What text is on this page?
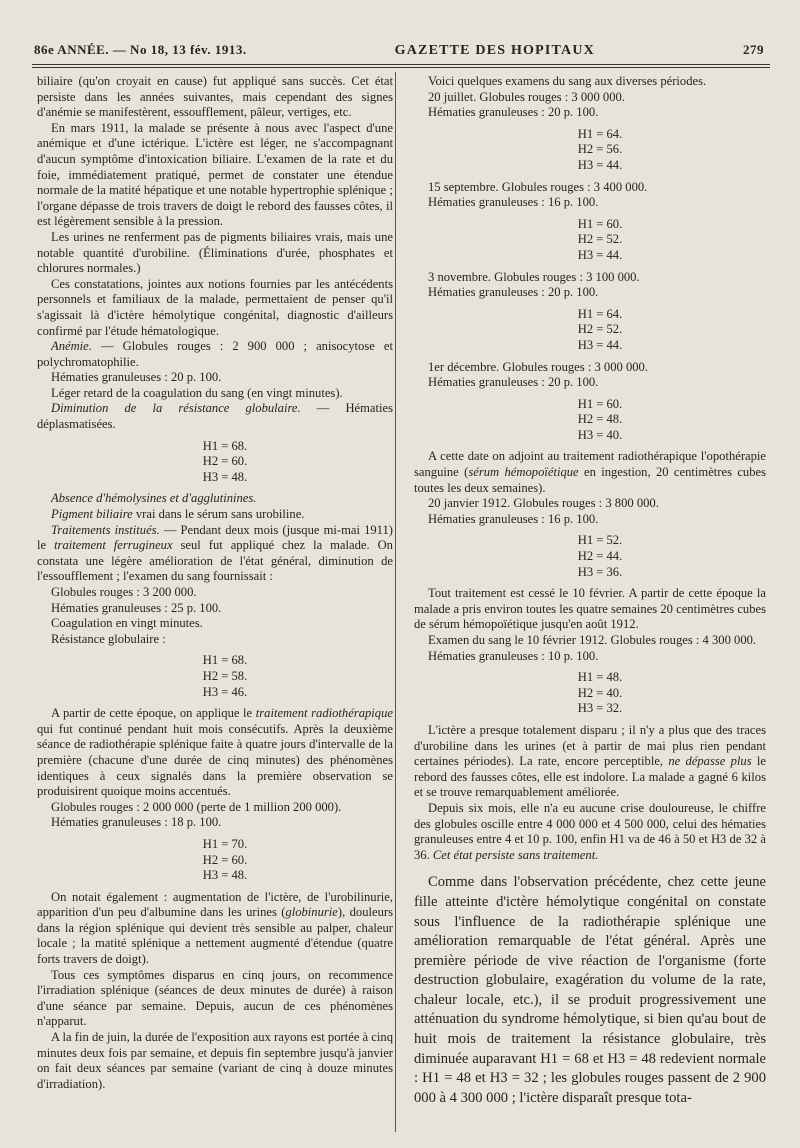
86e ANNÉE. — No 18, 13 fév. 1913.	GAZETTE DES HOPITAUX	279

biliaire (qu'on croyait en cause) fut appliqué sans succès. Cet état persiste dans les années suivantes, mais cependant des signes d'anémie se manifestèrent, essoufflement, pâleur, vertiges, etc.

En mars 1911, la malade se présente à nous avec l'aspect d'une anémique et d'une ictérique. L'ictère est léger, ne s'accompagnant d'aucun symptôme d'intoxication biliaire. L'examen de la rate et du foie, immédiatement pratiqué, permet de constater une étendue normale de la matité hépatique et une notable hypertrophie splénique ; l'organe dépasse de trois travers de doigt le rebord des fausses côtes, il est légèrement sensible à la pression.

Les urines ne renferment pas de pigments biliaires vrais, mais une notable quantité d'urobiline. (Éliminations d'urée, phosphates et chlorures normales.)

Ces constatations, jointes aux notions fournies par les antécédents personnels et familiaux de la malade, permettaient de penser qu'il s'agissait là d'ictère hémolytique congénital, diagnostic d'ailleurs confirmé par l'étude hématologique.

Anémie. — Globules rouges : 2 900 000 ; anisocytose et polychromatophilie.

Hématies granuleuses : 20 p. 100.

Léger retard de la coagulation du sang (en vingt minutes).

Diminution de la résistance globulaire. — Hématies déplasmatisées.

H1 = 68.
H2 = 60.
H3 = 48.

Absence d'hémolysines et d'agglutinines.

Pigment biliaire vrai dans le sérum sans urobiline.

Traitements institués. — Pendant deux mois (jusque mi-mai 1911) le traitement ferrugineux seul fut appliqué chez la malade. On constata une légère amélioration de l'état général, diminution de l'essoufflement ; l'examen du sang fournissait :

Globules rouges : 3 200 000.

Hématies granuleuses : 25 p. 100.

Coagulation en vingt minutes.

Résistance globulaire :

H1 = 68.
H2 = 58.
H3 = 46.

A partir de cette époque, on applique le traitement radiothérapique qui fut continué pendant huit mois consécutifs. Après la deuxième séance de radiothérapie splénique faite à quatre jours d'intervalle de la première (chacune d'une durée de cinq minutes) des phénomènes identiques à ceux signalés dans la première observation se produisirent quoique moins accentués.

Globules rouges : 2 000 000 (perte de 1 million 200 000).

Hématies granuleuses : 18 p. 100.

H1 = 70.
H2 = 60.
H3 = 48.

On notait également : augmentation de l'ictère, de l'urobilinurie, apparition d'un peu d'albumine dans les urines (globinurie), douleurs dans la région splénique qui devient très sensible au palper, chaleur locale ; la matité splénique a nettement augmenté d'étendue (quatre forts travers de doigt).

Tous ces symptômes disparus en cinq jours, on recommence l'irradiation splénique (séances de deux minutes de durée) à raison d'une séance par semaine. Depuis, aucun de ces phénomènes n'apparut.

A la fin de juin, la durée de l'exposition aux rayons est portée à cinq minutes deux fois par semaine, et depuis fin septembre jusqu'à janvier on fait deux séances par semaine (variant de cinq à douze minutes d'irradiation).

Voici quelques examens du sang aux diverses périodes.

20 juillet. Globules rouges : 3 000 000.

Hématies granuleuses : 20 p. 100.

H1 = 64.
H2 = 56.
H3 = 44.

15 septembre. Globules rouges : 3 400 000.

Hématies granuleuses : 16 p. 100.

H1 = 60.
H2 = 52.
H3 = 44.

3 novembre. Globules rouges : 3 100 000.

Hématies granuleuses : 20 p. 100.

H1 = 64.
H2 = 52.
H3 = 44.

1er décembre. Globules rouges : 3 000 000.

Hématies granuleuses : 20 p. 100.

H1 = 60.
H2 = 48.
H3 = 40.

A cette date on adjoint au traitement radiothérapique l'opothérapie sanguine (sérum hémopoïétique en ingestion, 20 centimètres cubes toutes les deux semaines).

20 janvier 1912. Globules rouges : 3 800 000.

Hématies granuleuses : 16 p. 100.

H1 = 52.
H2 = 44.
H3 = 36.

Tout traitement est cessé le 10 février. A partir de cette époque la malade a pris environ toutes les quatre semaines 20 centimètres cubes de sérum hémopoïétique jusqu'en août 1912.

Examen du sang le 10 février 1912. Globules rouges : 4 300 000.

Hématies granuleuses : 10 p. 100.

H1 = 48.
H2 = 40.
H3 = 32.

L'ictère a presque totalement disparu ; il n'y a plus que des traces d'urobiline dans les urines (et à partir de mai plus rien pendant certaines périodes). La rate, encore perceptible, ne dépasse plus le rebord des fausses côtes, elle est indolore. La malade a gagné 6 kilos et se trouve remarquablement améliorée.

Depuis six mois, elle n'a eu aucune crise douloureuse, le chiffre des globules oscille entre 4 000 000 et 4 500 000, celui des hématies granuleuses entre 4 et 10 p. 100, enfin H1 va de 46 à 50 et H3 de 32 à 36. Cet état persiste sans traitement.

Comme dans l'observation précédente, chez cette jeune fille atteinte d'ictère hémolytique congénital on constate sous l'influence de la radiothérapie splénique une amélioration remarquable de l'état général. Après une première période de vive réaction de l'organisme (forte destruction globulaire, exagération du volume de la rate, chaleur locale, etc.), il se produit progressivement une atténuation du syndrome hémolytique, si bien qu'au bout de huit mois de traitement la résistance globulaire, très diminuée auparavant H1 = 68 et H3 = 48 redevient normale : H1 = 48 et H3 = 32 ; les globules rouges passent de 2 900 000 à 4 300 000 ; l'ictère disparaît presque tota-
